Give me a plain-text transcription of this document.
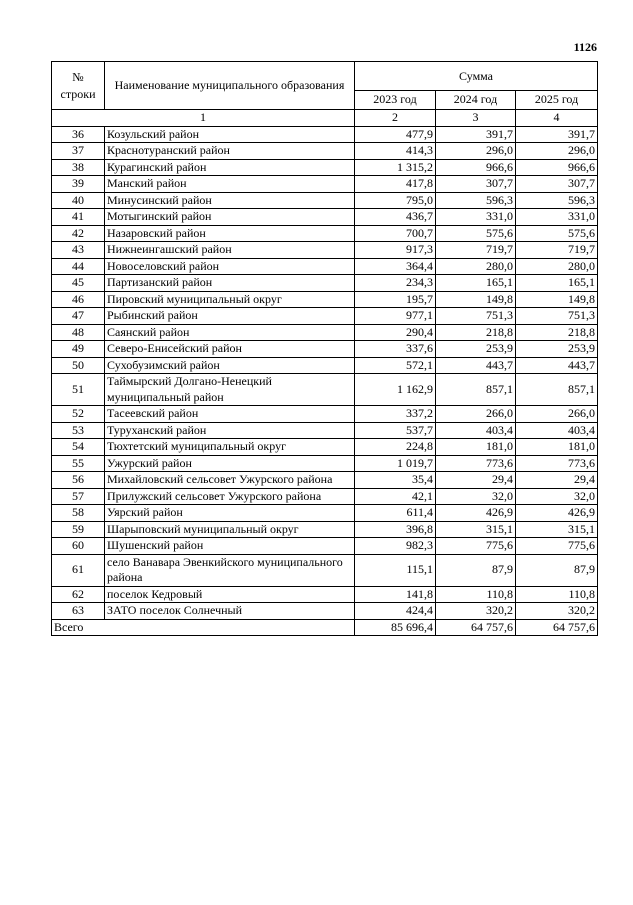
1126
№ строки	Наименование муниципального образования	Сумма		
		2023 год	2024 год	2025 год
1		2	3	4
36	Козульский район	477,9	391,7	391,7
37	Краснотуранский район	414,3	296,0	296,0
38	Курагинский район	1 315,2	966,6	966,6
39	Манский район	417,8	307,7	307,7
40	Минусинский район	795,0	596,3	596,3
41	Мотыгинский район	436,7	331,0	331,0
42	Назаровский район	700,7	575,6	575,6
43	Нижнеингашский район	917,3	719,7	719,7
44	Новоселовский район	364,4	280,0	280,0
45	Партизанский район	234,3	165,1	165,1
46	Пировский муниципальный округ	195,7	149,8	149,8
47	Рыбинский район	977,1	751,3	751,3
48	Саянский район	290,4	218,8	218,8
49	Северо-Енисейский район	337,6	253,9	253,9
50	Сухобузимский район	572,1	443,7	443,7
51	Таймырский Долгано-Ненецкий муниципальный район	1 162,9	857,1	857,1
52	Тасеевский район	337,2	266,0	266,0
53	Туруханский район	537,7	403,4	403,4
54	Тюхтетский муниципальный округ	224,8	181,0	181,0
55	Ужурский район	1 019,7	773,6	773,6
56	Михайловский сельсовет Ужурского района	35,4	29,4	29,4
57	Прилужский сельсовет Ужурского района	42,1	32,0	32,0
58	Уярский район	611,4	426,9	426,9
59	Шарыповский муниципальный округ	396,8	315,1	315,1
60	Шушенский район	982,3	775,6	775,6
61	село Ванавара Эвенкийского муниципального района	115,1	87,9	87,9
62	поселок Кедровый	141,8	110,8	110,8
63	ЗАТО поселок Солнечный	424,4	320,2	320,2
Всего		85 696,4	64 757,6	64 757,6
